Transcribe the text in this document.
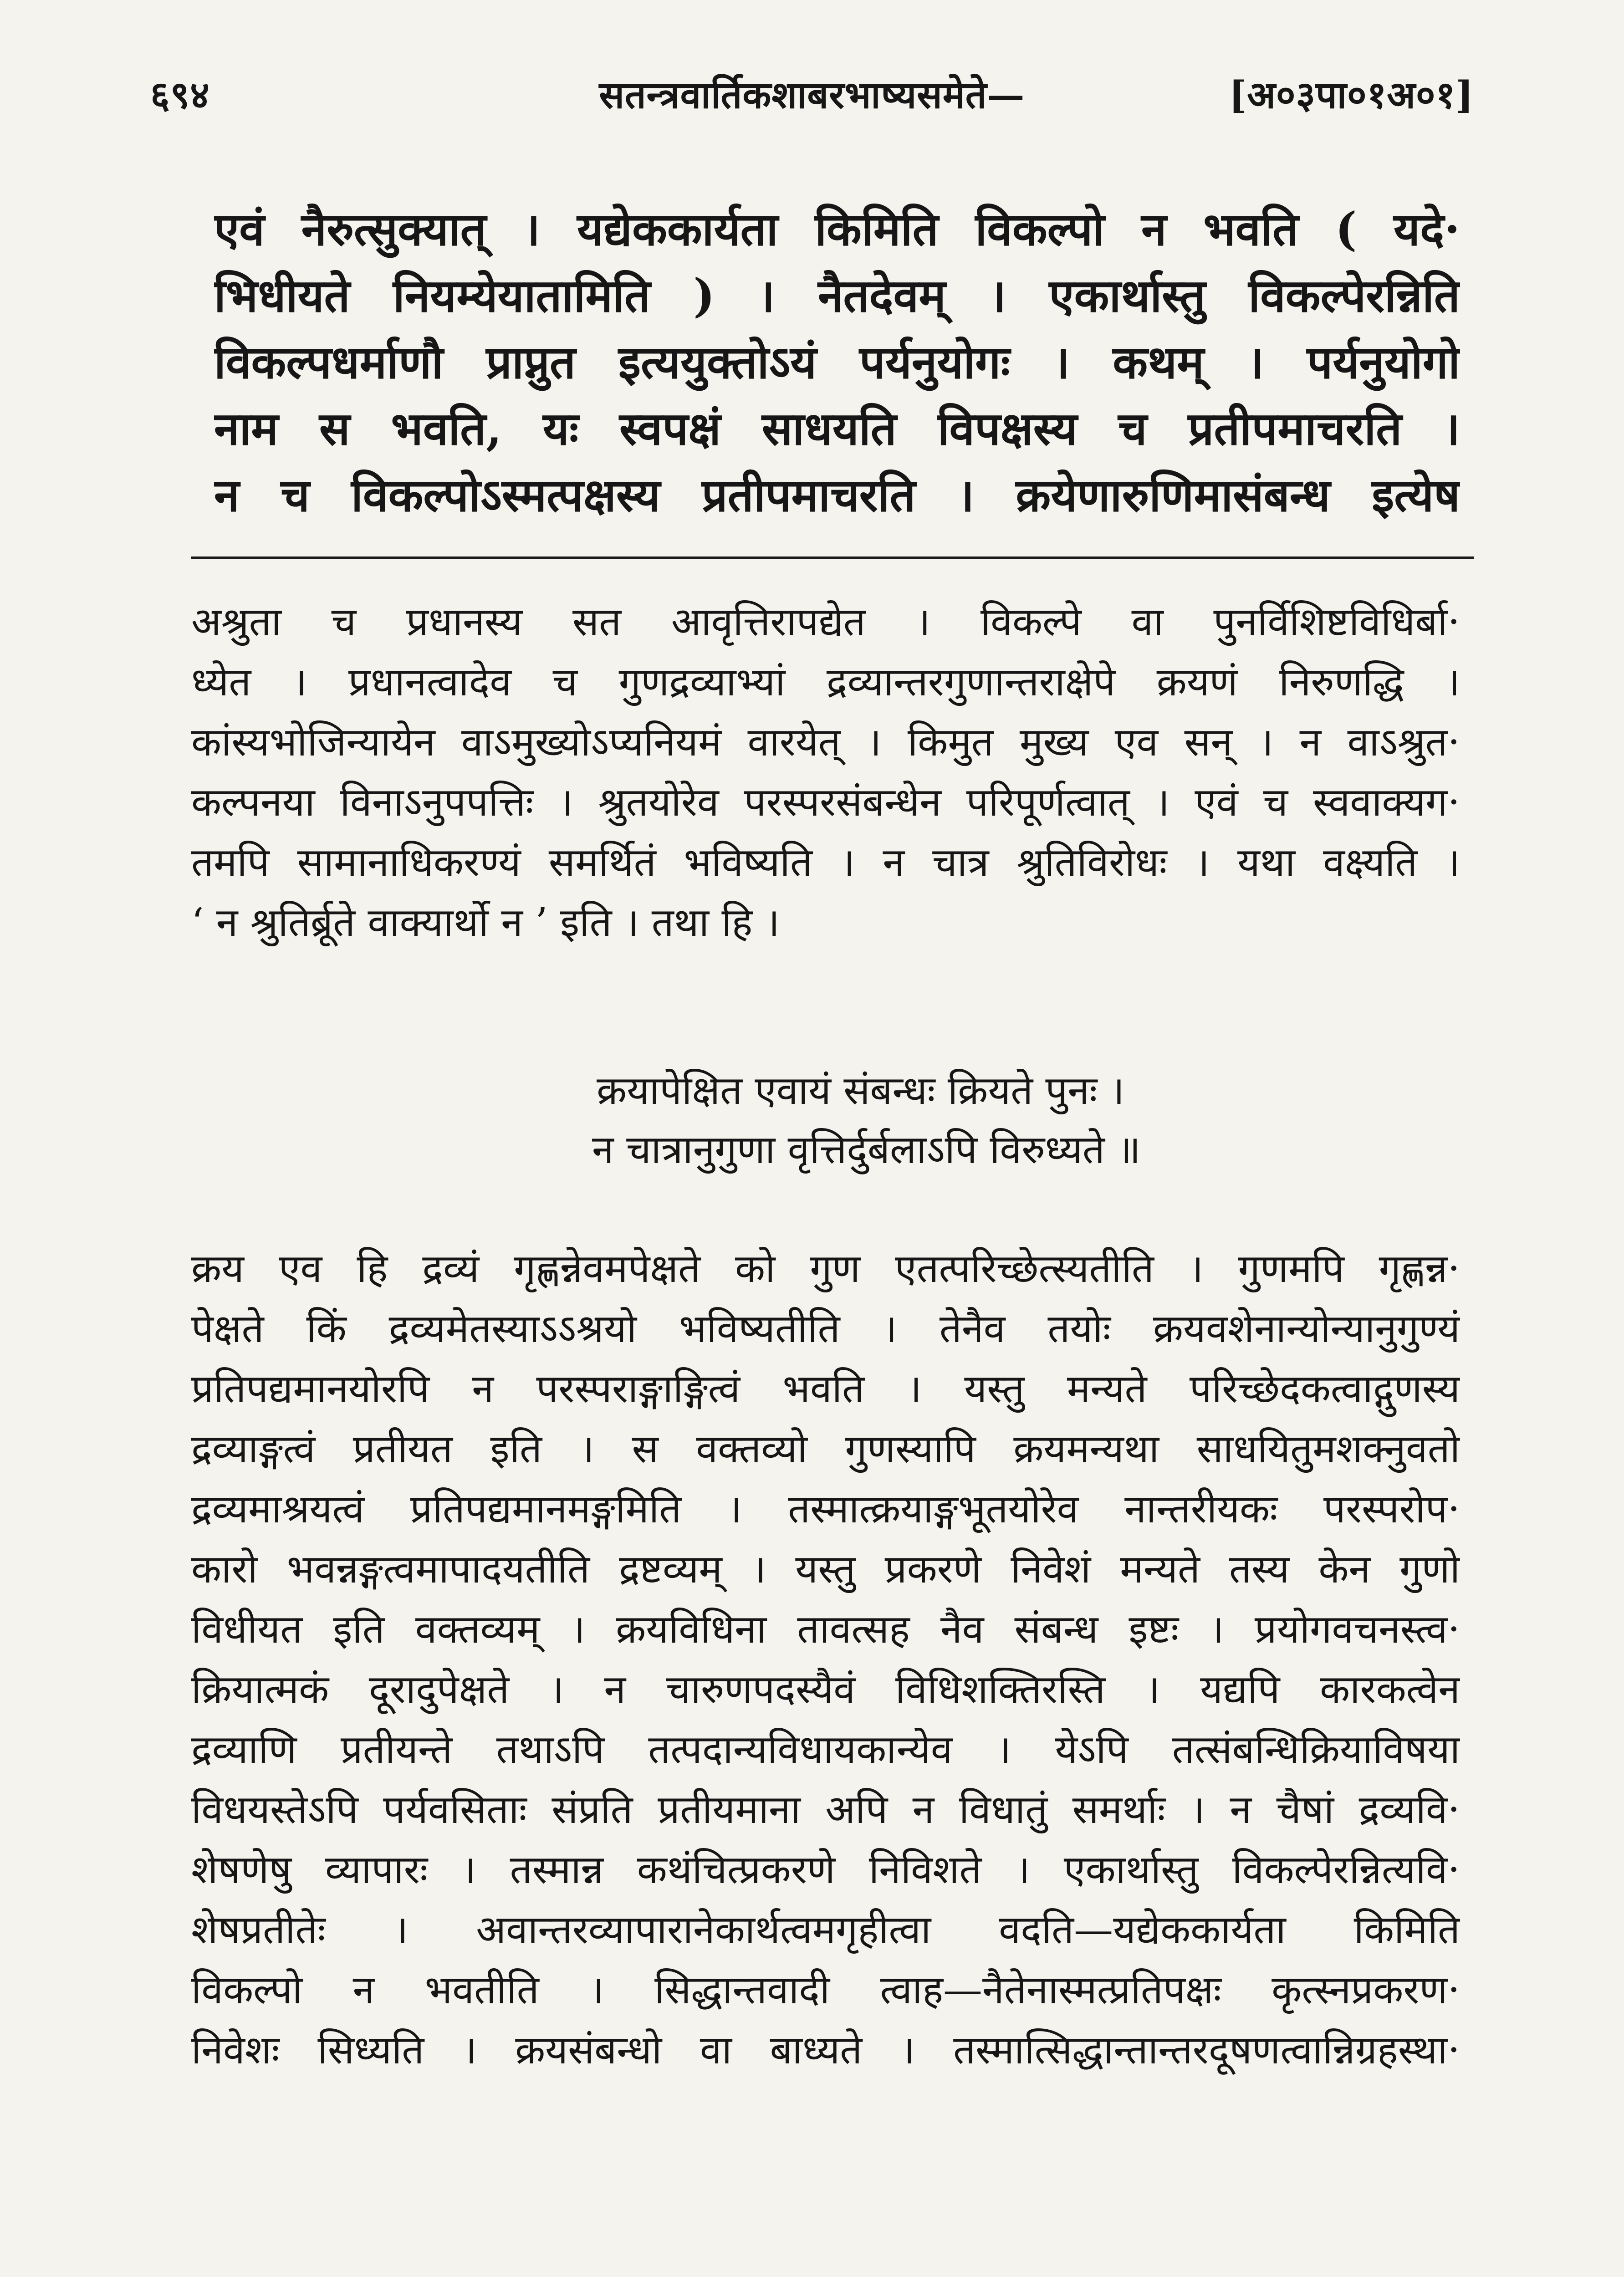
६९४	सतन्त्रवार्तिकशाबरभाष्यसमेते—	[अ०३पा०१अ०१]
एवं नैरुत्सुक्यात् । यद्येककार्यता किमिति विकल्पो न भवति ( यदे·
भिधीयते नियम्येयातामिति ) । नैतदेवम् । एकार्थास्तु विकल्पेरन्निति
विकल्पधर्माणौ प्राप्नुत इत्ययुक्तोऽयं पर्यनुयोगः । कथम् । पर्यनुयोगो
नाम स भवति, यः स्वपक्षं साधयति विपक्षस्य च प्रतीपमाचरति ।
न च विकल्पोऽस्मत्पक्षस्य प्रतीपमाचरति । क्रयेणारुणिमासंबन्ध इत्येष
अश्रुता च प्रधानस्य सत आवृत्तिरापद्येत । विकल्पे वा पुनर्विशिष्टविधिर्बा·
ध्येत । प्रधानत्वादेव च गुणद्रव्याभ्यां द्रव्यान्तरगुणान्तराक्षेपे क्रयणं निरुणद्धि ।
कांस्यभोजिन्यायेन वाऽमुख्योऽप्यनियमं वारयेत् । किमुत मुख्य एव सन् । न वाऽश्रुत·
कल्पनया विनाऽनुपपत्तिः । श्रुतयोरेव परस्परसंबन्धेन परिपूर्णत्वात् । एवं च स्ववाक्यग·
तमपि सामानाधिकरण्यं समर्थितं भविष्यति । न चात्र श्रुतिविरोधः । यथा वक्ष्यति ।
‘ न श्रुतिर्ब्रूते वाक्यार्थो न ’ इति । तथा हि ।
क्रयापेक्षित एवायं संबन्धः क्रियते पुनः ।
न चात्रानुगुणा वृत्तिर्दुर्बलाऽपि विरुध्यते ॥
क्रय एव हि द्रव्यं गृह्णन्नेवमपेक्षते को गुण एतत्परिच्छेत्स्यतीति । गुणमपि गृह्णन्न·
पेक्षते किं द्रव्यमेतस्याऽऽश्रयो भविष्यतीति । तेनैव तयोः क्रयवशेनान्योन्यानुगुण्यं
प्रतिपद्यमानयोरपि न परस्पराङ्गाङ्गित्वं भवति । यस्तु मन्यते परिच्छेदकत्वाद्गुणस्य
द्रव्याङ्गत्वं प्रतीयत इति । स वक्तव्यो गुणस्यापि क्रयमन्यथा साधयितुमशक्नुवतो
द्रव्यमाश्रयत्वं प्रतिपद्यमानमङ्गमिति । तस्मात्क्रयाङ्गभूतयोरेव नान्तरीयकः परस्परोप·
कारो भवन्नङ्गत्वमापादयतीति द्रष्टव्यम् । यस्तु प्रकरणे निवेशं मन्यते तस्य केन गुणो
विधीयत इति वक्तव्यम् । क्रयविधिना तावत्सह नैव संबन्ध इष्टः । प्रयोगवचनस्त्व·
क्रियात्मकं दूरादुपेक्षते । न चारुणपदस्यैवं विधिशक्तिरस्ति । यद्यपि कारकत्वेन
द्रव्याणि प्रतीयन्ते तथाऽपि तत्पदान्यविधायकान्येव । येऽपि तत्संबन्धिक्रियाविषया
विधयस्तेऽपि पर्यवसिताः संप्रति प्रतीयमाना अपि न विधातुं समर्थाः । न चैषां द्रव्यवि·
शेषणेषु व्यापारः । तस्मान्न कथंचित्प्रकरणे निविशते । एकार्थास्तु विकल्पेरन्नित्यवि·
शेषप्रतीतेः । अवान्तरव्यापारानेकार्थत्वमगृहीत्वा वदति—यद्येककार्यता किमिति
विकल्पो न भवतीति । सिद्धान्तवादी त्वाह—नैतेनास्मत्प्रतिपक्षः कृत्स्नप्रकरण·
निवेशः सिध्यति । क्रयसंबन्धो वा बाध्यते । तस्मात्सिद्धान्तान्तरदूषणत्वान्निग्रहस्था·
